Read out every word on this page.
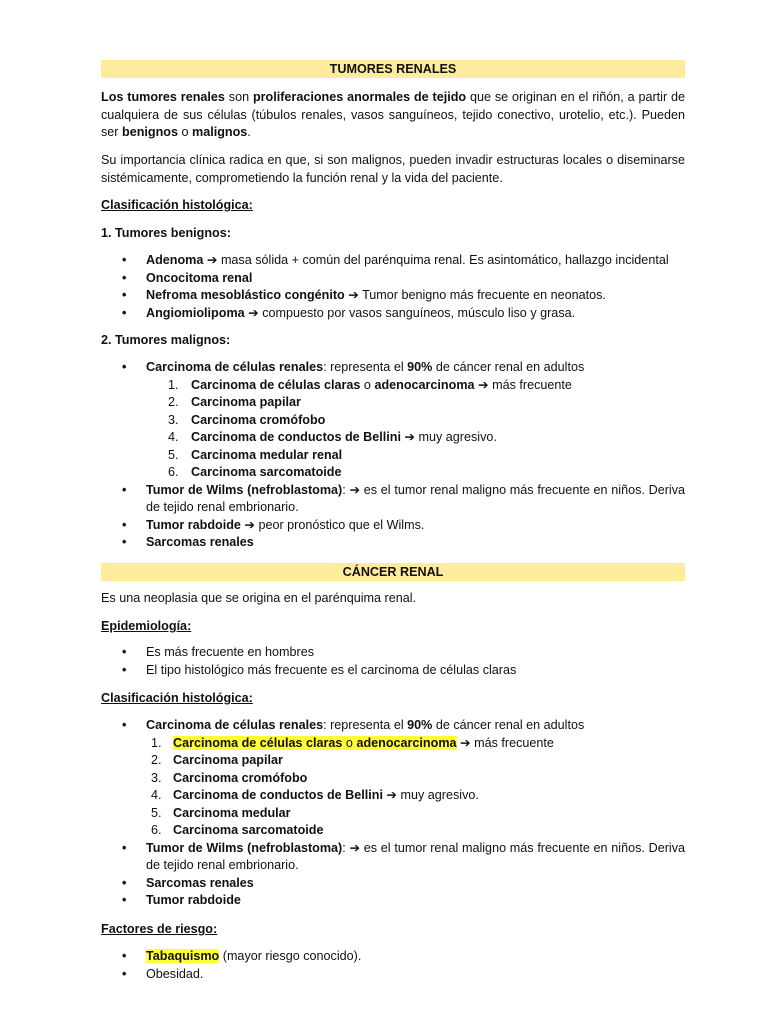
TUMORES RENALES

Los tumores renales son proliferaciones anormales de tejido que se originan en el riñón, a partir de cualquiera de sus células (túbulos renales, vasos sanguíneos, tejido conectivo, urotelio, etc.). Pueden ser benignos o malignos.

Su importancia clínica radica en que, si son malignos, pueden invadir estructuras locales o diseminarse sistémicamente, comprometiendo la función renal y la vida del paciente.

Clasificación histológica:

1. Tumores benignos:

• Adenoma ➔ masa sólida + común del parénquima renal. Es asintomático, hallazgo incidental
• Oncocitoma renal
• Nefroma mesoblástico congénito ➔ Tumor benigno más frecuente en neonatos.
• Angiomiolipoma ➔ compuesto por vasos sanguíneos, músculo liso y grasa.

2. Tumores malignos:

• Carcinoma de células renales: representa el 90% de cáncer renal en adultos
1. Carcinoma de células claras o adenocarcinoma ➔ más frecuente
2. Carcinoma papilar
3. Carcinoma cromófobo
4. Carcinoma de conductos de Bellini ➔ muy agresivo.
5. Carcinoma medular renal
6. Carcinoma sarcomatoide
• Tumor de Wilms (nefroblastoma): ➔ es el tumor renal maligno más frecuente en niños. Deriva de tejido renal embrionario.
• Tumor rabdoide ➔ peor pronóstico que el Wilms.
• Sarcomas renales
CÁNCER RENAL

Es una neoplasia que se origina en el parénquima renal.

Epidemiología:

• Es más frecuente en hombres
• El tipo histológico más frecuente es el carcinoma de células claras

Clasificación histológica:

• Carcinoma de células renales: representa el 90% de cáncer renal en adultos
1. Carcinoma de células claras o adenocarcinoma ➔ más frecuente
2. Carcinoma papilar
3. Carcinoma cromófobo
4. Carcinoma de conductos de Bellini ➔ muy agresivo.
5. Carcinoma medular
6. Carcinoma sarcomatoide
• Tumor de Wilms (nefroblastoma): ➔ es el tumor renal maligno más frecuente en niños. Deriva de tejido renal embrionario.
• Sarcomas renales
• Tumor rabdoide

Factores de riesgo:

• Tabaquismo (mayor riesgo conocido).
• Obesidad.
